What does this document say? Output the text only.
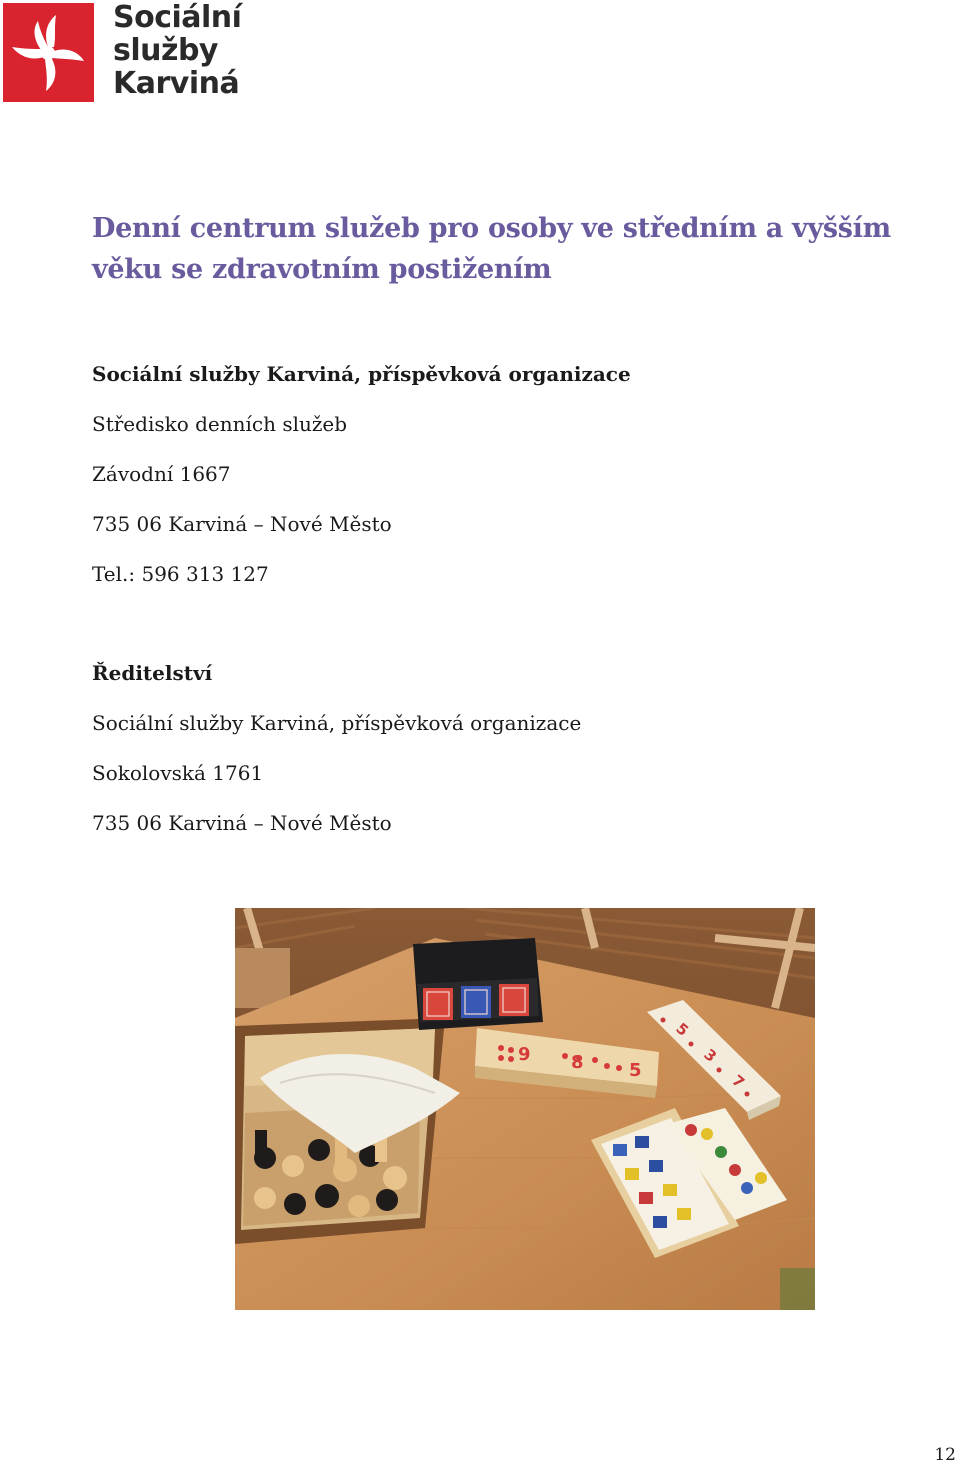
Sociální
služby
Karviná
Denní centrum služeb pro osoby ve středním a vyšším věku se zdravotním postižením
Sociální služby Karviná, příspěvková organizace
Středisko denních služeb
Závodní 1667
735 06 Karviná – Nové Město
Tel.: 596 313 127
Ředitelství
Sociální služby Karviná, příspěvková organizace
Sokolovská 1761
735 06 Karviná – Nové Město
9 8	5
5
3
7
12
